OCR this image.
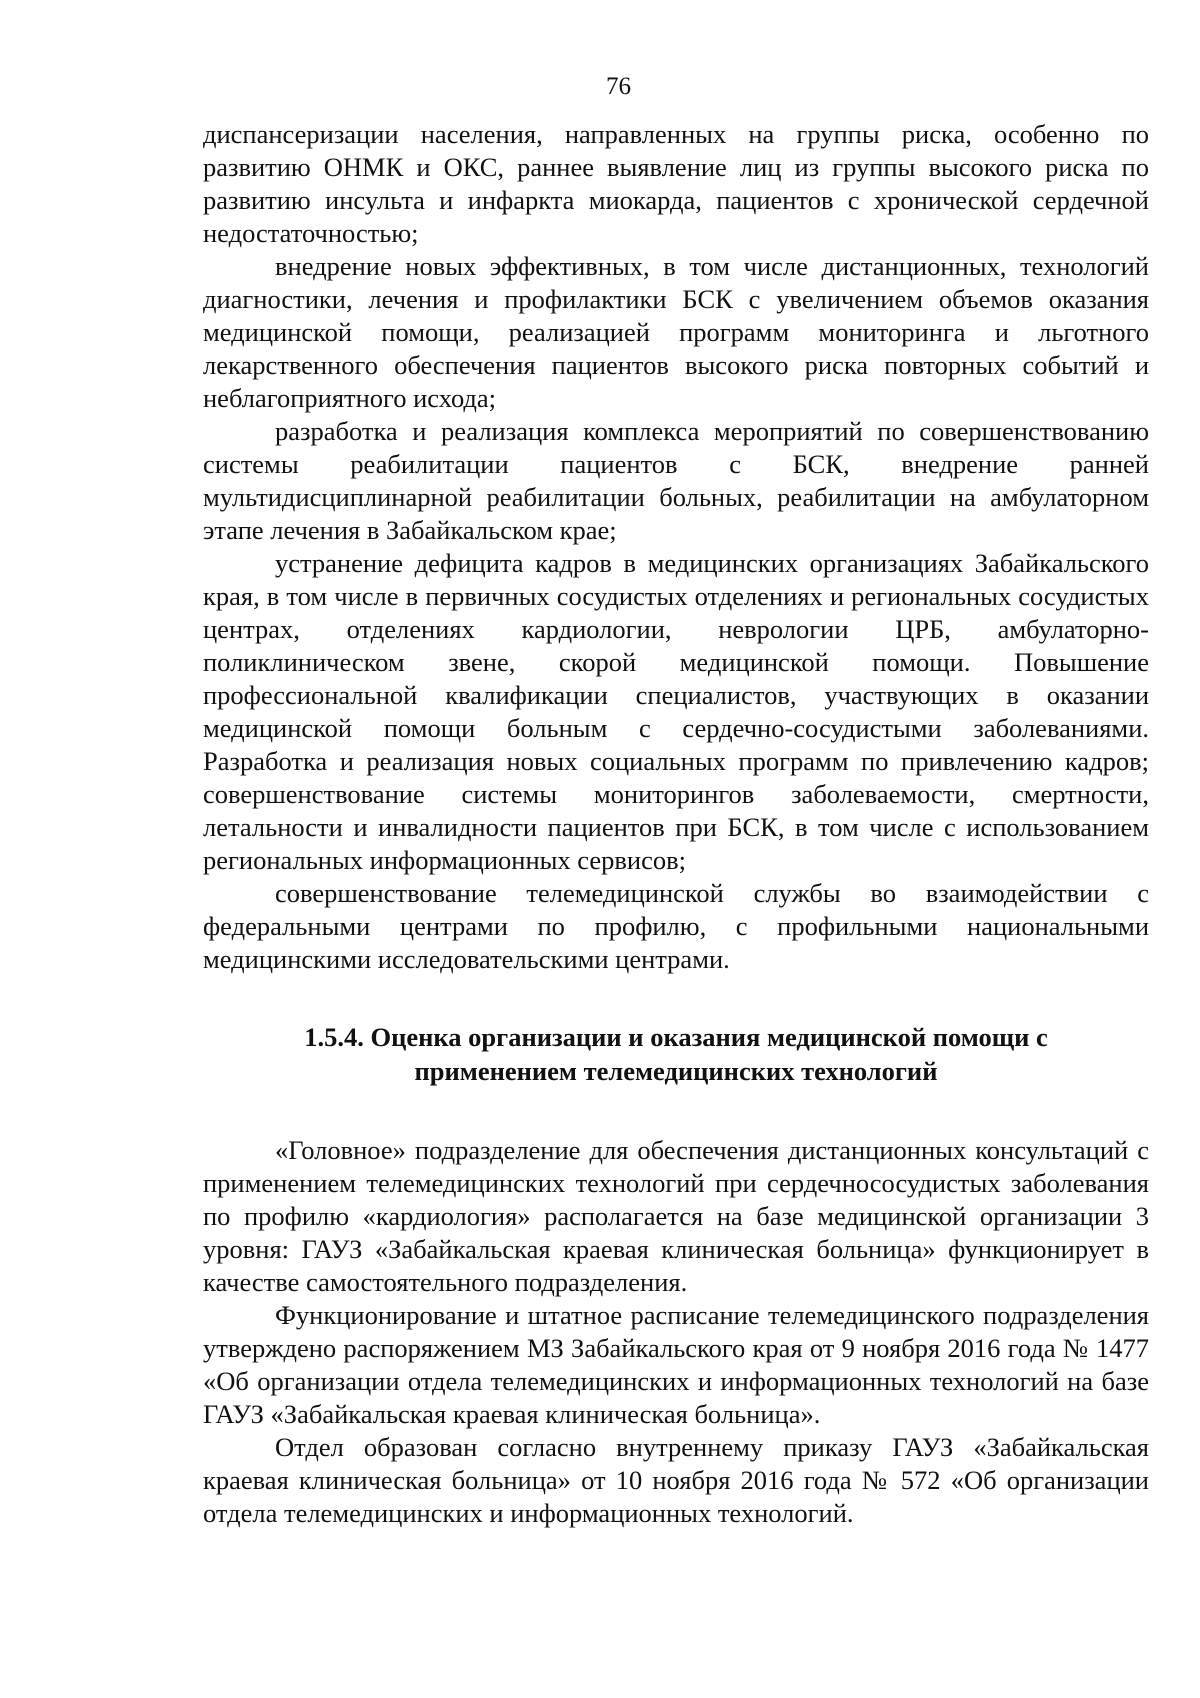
76

диспансеризации населения, направленных на группы риска, особенно по развитию ОНМК и ОКС, раннее выявление лиц из группы высокого риска по развитию инсульта и инфаркта миокарда, пациентов с хронической сердечной недостаточностью;

внедрение новых эффективных, в том числе дистанционных, технологий диагностики, лечения и профилактики БСК с увеличением объемов оказания медицинской помощи, реализацией программ мониторинга и льготного лекарственного обеспечения пациентов высокого риска повторных событий и неблагоприятного исхода;

разработка и реализация комплекса мероприятий по совершенствованию системы реабилитации пациентов с БСК, внедрение ранней мультидисциплинарной реабилитации больных, реабилитации на амбулаторном этапе лечения в Забайкальском крае;

устранение дефицита кадров в медицинских организациях Забайкальского края, в том числе в первичных сосудистых отделениях и региональных сосудистых центрах, отделениях кардиологии, неврологии ЦРБ, амбулаторно-поликлиническом звене, скорой медицинской помощи. Повышение профессиональной квалификации специалистов, участвующих в оказании медицинской помощи больным с сердечно-сосудистыми заболеваниями. Разработка и реализация новых социальных программ по привлечению кадров; совершенствование системы мониторингов заболеваемости, смертности, летальности и инвалидности пациентов при БСК, в том числе с использованием региональных информационных сервисов;

совершенствование телемедицинской службы во взаимодействии с федеральными центрами по профилю, с профильными национальными медицинскими исследовательскими центрами.

1.5.4. Оценка организации и оказания медицинской помощи с применением телемедицинских технологий

«Головное» подразделение для обеспечения дистанционных консультаций с применением телемедицинских технологий при сердечнососудистых заболевания по профилю «кардиология» располагается на базе медицинской организации 3 уровня: ГАУЗ «Забайкальская краевая клиническая больница» функционирует в качестве самостоятельного подразделения.

Функционирование и штатное расписание телемедицинского подразделения утверждено распоряжением МЗ Забайкальского края от 9 ноября 2016 года № 1477 «Об организации отдела телемедицинских и информационных технологий на базе ГАУЗ «Забайкальская краевая клиническая больница».

Отдел образован согласно внутреннему приказу ГАУЗ «Забайкальская краевая клиническая больница» от 10 ноября 2016 года № 572 «Об организации отдела телемедицинских и информационных технологий.
